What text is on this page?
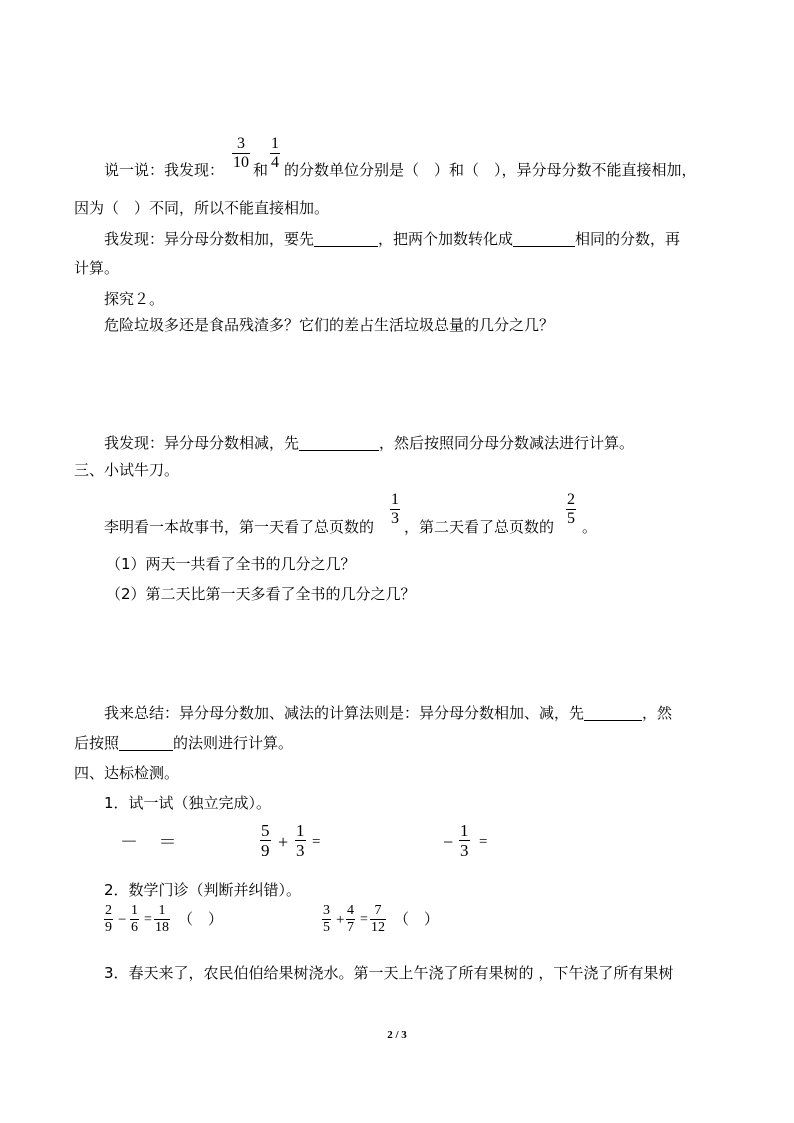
说一说：我发现：
3
10 和
1
4 的分数单位分别是（　）和（　），异分母分数不能直接相加，
因为（　）不同，所以不能直接相加。
我发现：异分母分数相加，要先	，把两个加数转化成	相同的分数，再
计算。
探究２。
危险垃圾多还是食品残渣多？它们的差占生活垃圾总量的几分之几？
我发现：异分母分数相减，先	，然后按照同分母分数减法进行计算。
三、小试牛刀。
李明看一本故事书，第一天看了总页数的
1
3 ，第二天看了总页数的
2
5 。
（1）两天一共看了全书的几分之几？
（2）第二天比第一天多看了全书的几分之几？
我来总结：异分母分数加、减法的计算法则是：异分母分数相加、减，先	，然
后按照	的法则进行计算。
四、达标检测。
1．试一试（独立完成）。
－ ＝
5
9 +
1
3 =	−
1
3 =
2．数学门诊（判断并纠错）。
2
9 −
1
6
=
1
18 （　）	3
5 +
4
7
=
7
12 （　）
3．春天来了，农民伯伯给果树浇水。第一天上午浇了所有果树的 ，下午浇了所有果树
2 / 3
